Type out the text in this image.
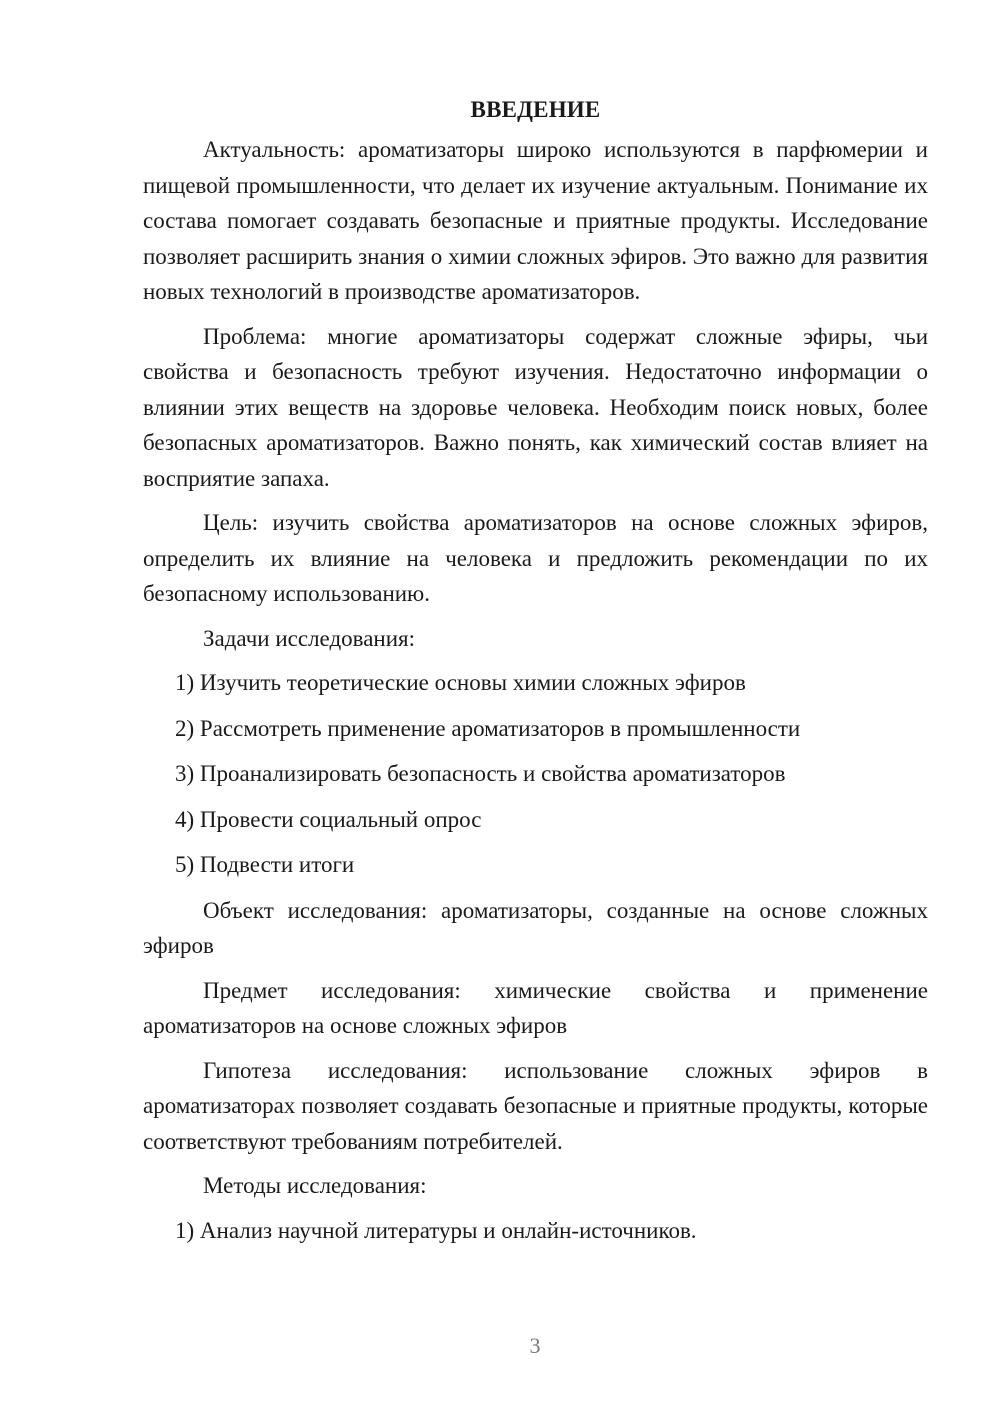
ВВЕДЕНИЕ

Актуальность: ароматизаторы широко используются в парфюмерии и пищевой промышленности, что делает их изучение актуальным. Понимание их состава помогает создавать безопасные и приятные продукты. Исследование позволяет расширить знания о химии сложных эфиров. Это важно для развития новых технологий в производстве ароматизаторов.

Проблема: многие ароматизаторы содержат сложные эфиры, чьи свойства и безопасность требуют изучения. Недостаточно информации о влиянии этих веществ на здоровье человека. Необходим поиск новых, более безопасных ароматизаторов. Важно понять, как химический состав влияет на восприятие запаха.

Цель: изучить свойства ароматизаторов на основе сложных эфиров, определить их влияние на человека и предложить рекомендации по их безопасному использованию.

Задачи исследования:

1) Изучить теоретические основы химии сложных эфиров
2) Рассмотреть применение ароматизаторов в промышленности
3) Проанализировать безопасность и свойства ароматизаторов
4) Провести социальный опрос
5) Подвести итоги

Объект исследования: ароматизаторы, созданные на основе сложных эфиров

Предмет исследования: химические свойства и применение ароматизаторов на основе сложных эфиров

Гипотеза исследования: использование сложных эфиров в ароматизаторах позволяет создавать безопасные и приятные продукты, которые соответствуют требованиям потребителей.

Методы исследования:

1) Анализ научной литературы и онлайн-источников.
3
